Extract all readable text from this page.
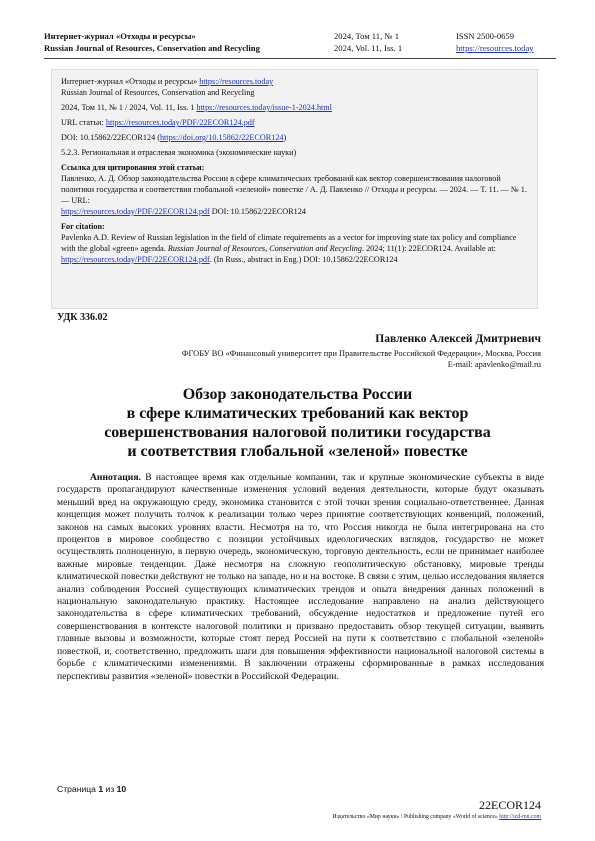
Интернет-журнал «Отходы и ресурсы»	2024, Том 11, № 1	ISSN 2500-0659
Russian Journal of Resources, Conservation and Recycling	2024, Vol. 11, Iss. 1	https://resources.today

Интернет-журнал «Отходы и ресурсы» https://resources.today

Russian Journal of Resources, Conservation and Recycling

2024, Том 11, № 1 / 2024, Vol. 11, Iss. 1 https://resources.today/issue-1-2024.html

URL статьи: https://resources.today/PDF/22ECOR124.pdf

DOI: 10.15862/22ECOR124 (https://doi.org/10.15862/22ECOR124)

5.2.3. Региональная и отраслевая экономика (экономические науки)

Ссылка для цитирования этой статьи:

Павленко, А. Д. Обзор законодательства России в сфере климатических требований как вектор совершенствования налоговой политики государства и соответствия глобальной «зеленой» повестке / А. Д. Павленко // Отходы и ресурсы. — 2024. — Т. 11. — № 1. — URL:
https://resources.today/PDF/22ECOR124.pdf DOI: 10.15862/22ECOR124

For citation:

Pavlenko A.D. Review of Russian legislation in the field of climate requirements as a vector for improving state tax policy and compliance with the global «green» agenda. Russian Journal of Resources, Conservation and Recycling. 2024; 11(1): 22ECOR124. Available at: https://resources.today/PDF/22ECOR124.pdf. (In Russ., abstract in Eng.) DOI: 10.15862/22ECOR124

УДК 336.02
Павленко Алексей Дмитриевич
ФГОБУ ВО «Финансовый университет при Правительстве Российской Федерации», Москва, Россия
E-mail: apavlenko@mail.ru
Обзор законодательства России
в сфере климатических требований как вектор
совершенствования налоговой политики государства
и соответствия глобальной «зеленой» повестке
Аннотация. В настоящее время как отдельные компании, так и крупные экономические субъекты в виде государств пропагандируют качественные изменения условий ведения деятельности, которые будут оказывать меньший вред на окружающую среду, экономика становится с этой точки зрения социально-ответственнее. Данная концепция может получить толчок к реализации только через принятие соответствующих конвенций, положений, законов на самых высоких уровнях власти. Несмотря на то, что Россия никогда не была интегрирована на сто процентов в мировое сообщество с позиции устойчивых идеологических взглядов, государство не может осуществлять полноценную, в первую очередь, экономическую, торговую деятельность, если не принимает наиболее важные мировые тенденции. Даже несмотря на сложную геополитическую обстановку, мировые тренды климатической повестки действуют не только на западе, но и на востоке. В связи с этим, целью исследования является анализ соблюдения Россией существующих климатических трендов и опыта внедрения данных положений в национальную законодательную практику. Настоящее исследование направлено на анализ действующего законодательства в сфере климатических требований, обсуждение недостатков и предложение путей его совершенствования в контексте налоговой политики и призвано предоставить обзор текущей ситуации, выявить главные вызовы и возможности, которые стоят перед Россией на пути к соответствию с глобальной «зеленой» повесткой, и, соответственно, предложить шаги для повышения эффективности национальной налоговой системы в борьбе с климатическими изменениями. В заключении отражены сформированные в рамках исследования перспективы развития «зеленой» повестки в Российской Федерации.
Страница 1 из 10
22ECOR124
Издательство «Мир науки» \ Publishing company «World of science» http://izd-mn.com
